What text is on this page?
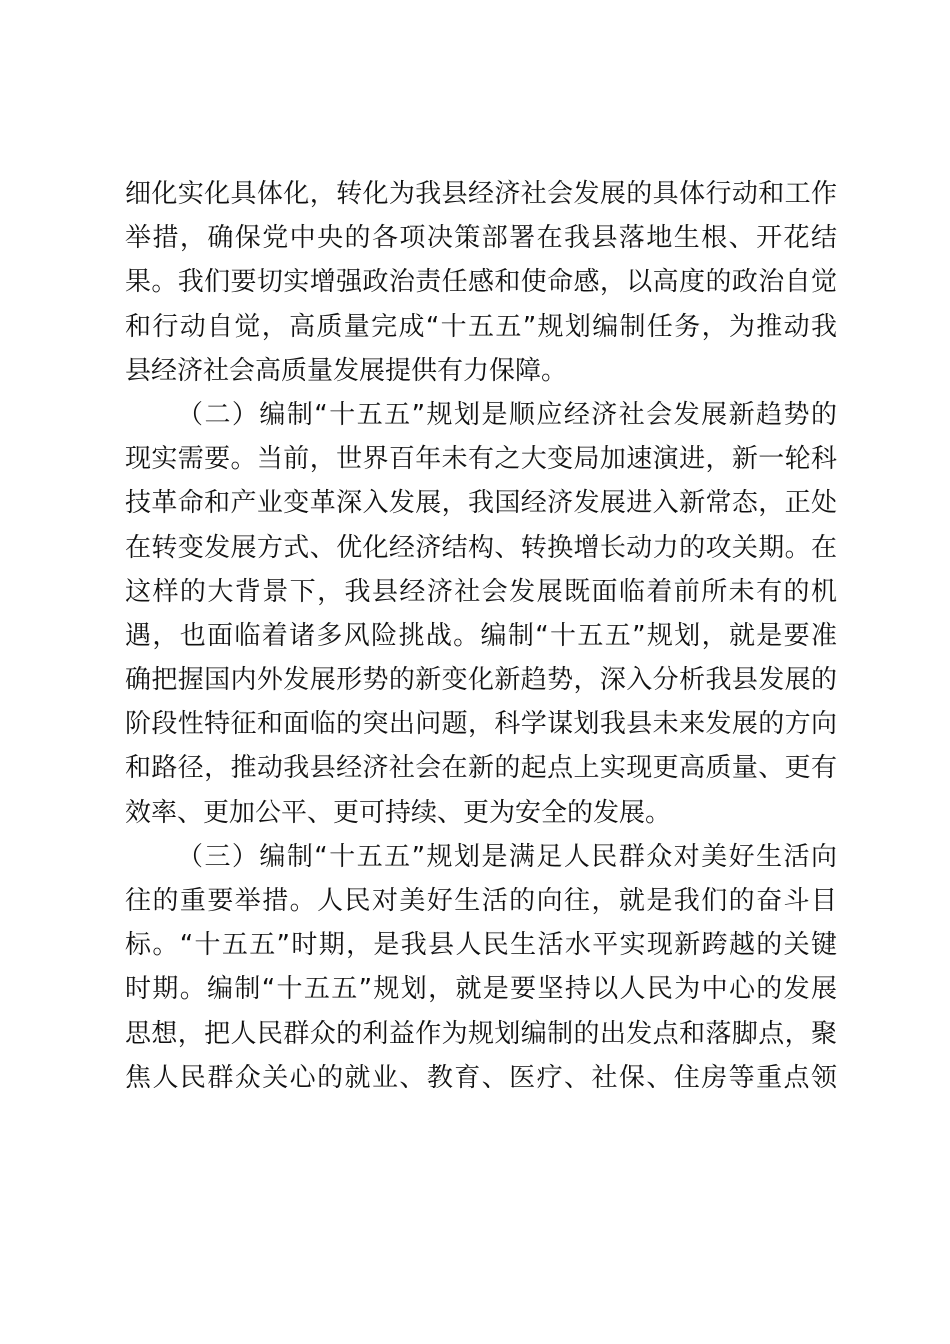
细化实化具体化，转化为我县经济社会发展的具体行动和工作
举措，确保党中央的各项决策部署在我县落地生根、开花结
果。我们要切实增强政治责任感和使命感，以高度的政治自觉
和行动自觉，高质量完成“十五五”规划编制任务，为推动我
县经济社会高质量发展提供有力保障。
（二）编制“十五五”规划是顺应经济社会发展新趋势的
现实需要。当前，世界百年未有之大变局加速演进，新一轮科
技革命和产业变革深入发展，我国经济发展进入新常态，正处
在转变发展方式、优化经济结构、转换增长动力的攻关期。在
这样的大背景下，我县经济社会发展既面临着前所未有的机
遇，也面临着诸多风险挑战。编制“十五五”规划，就是要准
确把握国内外发展形势的新变化新趋势，深入分析我县发展的
阶段性特征和面临的突出问题，科学谋划我县未来发展的方向
和路径，推动我县经济社会在新的起点上实现更高质量、更有
效率、更加公平、更可持续、更为安全的发展。
（三）编制“十五五”规划是满足人民群众对美好生活向
往的重要举措。人民对美好生活的向往，就是我们的奋斗目
标。“十五五”时期，是我县人民生活水平实现新跨越的关键
时期。编制“十五五”规划，就是要坚持以人民为中心的发展
思想，把人民群众的利益作为规划编制的出发点和落脚点，聚
焦人民群众关心的就业、教育、医疗、社保、住房等重点领
